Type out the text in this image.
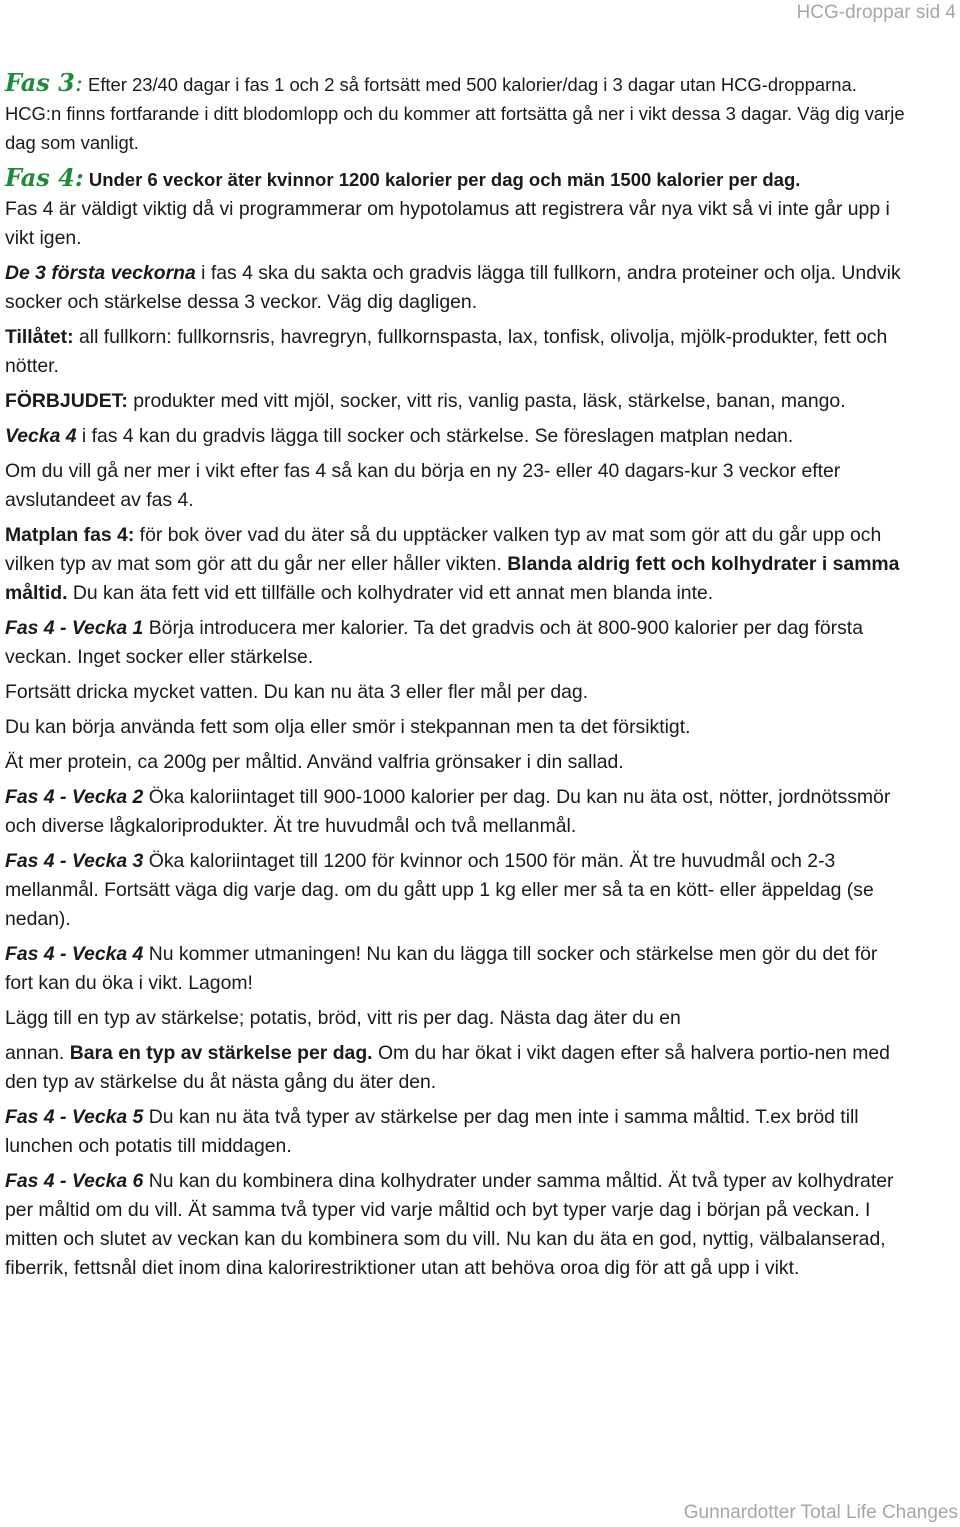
HCG-droppar sid 4

Fas 3: Efter 23/40 dagar i fas 1 och 2 så fortsätt med 500 kalorier/dag i 3 dagar utan HCG-dropparna. HCG:n finns fortfarande i ditt blodomlopp och du kommer att fortsätta gå ner i vikt dessa 3 dagar. Väg dig varje dag som vanligt.

Fas 4: Under 6 veckor äter kvinnor 1200 kalorier per dag och män 1500 kalorier per dag.

Fas 4 är väldigt viktig då vi programmerar om hypotolamus att registrera vår nya vikt så vi inte går upp i vikt igen.

De 3 första veckorna i fas 4 ska du sakta och gradvis lägga till fullkorn, andra proteiner och olja. Undvik socker och stärkelse dessa 3 veckor. Väg dig dagligen.

Tillåtet: all fullkorn: fullkornsris, havregryn, fullkornspasta, lax, tonfisk, olivolja, mjölk-produkter, fett och nötter.

FÖRBJUDET: produkter med vitt mjöl, socker, vitt ris, vanlig pasta, läsk, stärkelse, banan, mango.

Vecka 4 i fas 4 kan du gradvis lägga till socker och stärkelse. Se föreslagen matplan nedan.

Om du vill gå ner mer i vikt efter fas 4 så kan du börja en ny 23- eller 40 dagars-kur 3 veckor efter avslutandeet av fas 4.

Matplan fas 4: för bok över vad du äter så du upptäcker valken typ av mat som gör att du går upp och vilken typ av mat som gör att du går ner eller håller vikten. Blanda aldrig fett och kolhydrater i samma måltid. Du kan äta fett vid ett tillfälle och kolhydrater vid ett annat men blanda inte.

Fas 4 - Vecka 1 Börja introducera mer kalorier. Ta det gradvis och ät 800-900 kalorier per dag första veckan. Inget socker eller stärkelse.

Fortsätt dricka mycket vatten. Du kan nu äta 3 eller fler mål per dag.

Du kan börja använda fett som olja eller smör i stekpannan men ta det försiktigt.

Ät mer protein, ca 200g per måltid. Använd valfria grönsaker i din sallad.

Fas 4 - Vecka 2 Öka kaloriintaget till 900-1000 kalorier per dag. Du kan nu äta ost, nötter, jordnötssmör och diverse lågkaloriprodukter. Ät tre huvudmål och två mellanmål.

Fas 4 - Vecka 3 Öka kaloriintaget till 1200 för kvinnor och 1500 för män. Ät tre huvudmål och 2-3 mellanmål. Fortsätt väga dig varje dag. om du gått upp 1 kg eller mer så ta en kött- eller äppeldag (se nedan).

Fas 4 - Vecka 4 Nu kommer utmaningen! Nu kan du lägga till socker och stärkelse men gör du det för fort kan du öka i vikt. Lagom!

Lägg till en typ av stärkelse; potatis, bröd, vitt ris per dag. Nästa dag äter du en

annan. Bara en typ av stärkelse per dag. Om du har ökat i vikt dagen efter så halvera portio-nen med den typ av stärkelse du åt nästa gång du äter den.

Fas 4 - Vecka 5 Du kan nu äta två typer av stärkelse per dag men inte i samma måltid. T.ex bröd till lunchen och potatis till middagen.

Fas 4 - Vecka 6 Nu kan du kombinera dina kolhydrater under samma måltid. Ät två typer av kolhydrater per måltid om du vill. Ät samma två typer vid varje måltid och byt typer varje dag i början på veckan. I mitten och slutet av veckan kan du kombinera som du vill. Nu kan du äta en god, nyttig, välbalanserad, fiberrik, fettsnål diet inom dina kalorirestriktioner utan att behöva oroa dig för att gå upp i vikt.

Gunnardotter Total Life Changes
